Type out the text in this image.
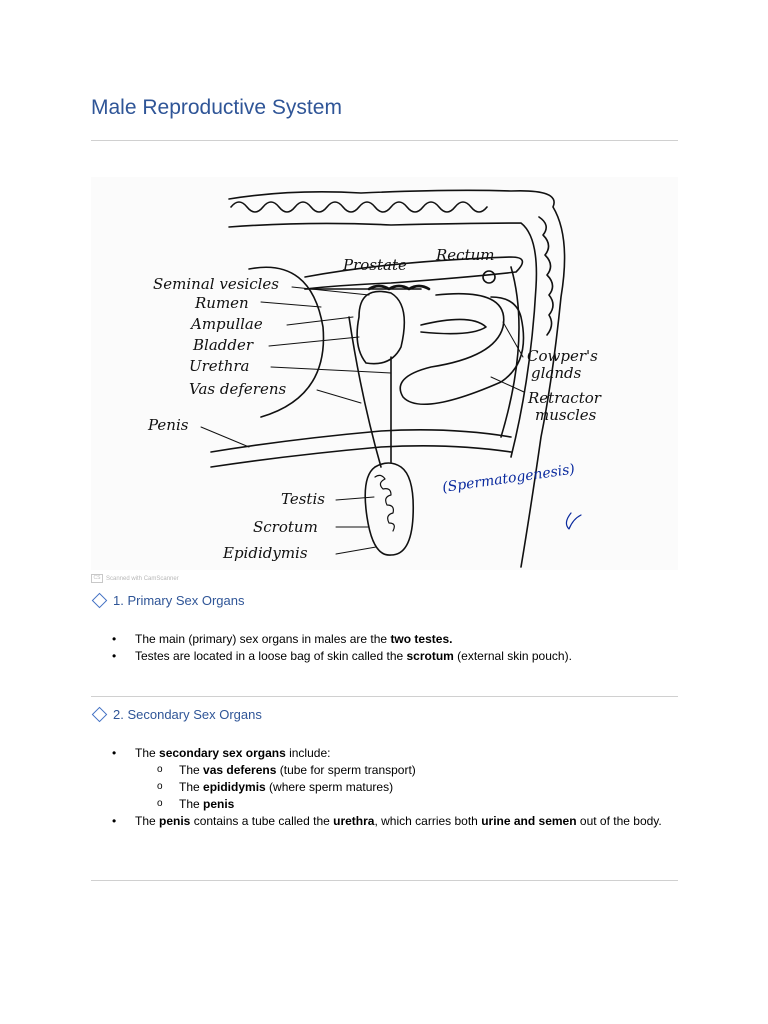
Male Reproductive System
Prostate
Rectum
Seminal vesicles
Rumen
Ampullae
Bladder
Urethra
Vas deferens
Penis
Cowper's
glands
Retractor
muscles
Testis
Scrotum
Epididymis
(Spermatogenesis)
CS Scanned with CamScanner
1. Primary Sex Organs
• The main (primary) sex organs in males are the two testes.
• Testes are located in a loose bag of skin called the scrotum (external skin pouch).
2. Secondary Sex Organs
• The secondary sex organs include:
o The vas deferens (tube for sperm transport)
o The epididymis (where sperm matures)
o The penis
• The penis contains a tube called the urethra, which carries both urine and semen out of the body.
